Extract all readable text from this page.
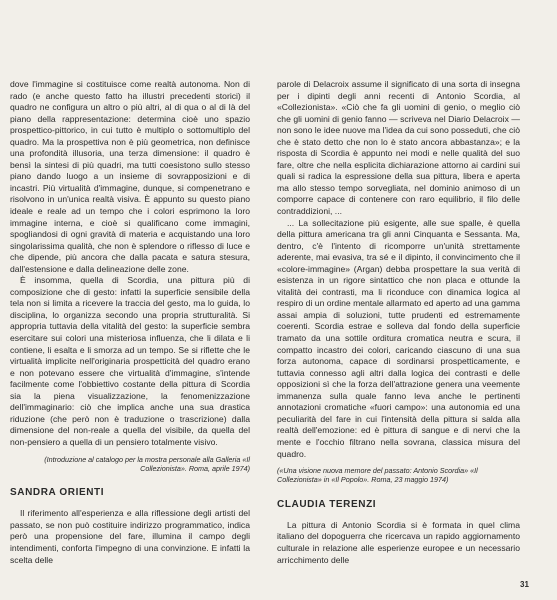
dove l'immagine si costituisce come realtà autonoma. Non di rado (e anche questo fatto ha illustri precedenti storici) il quadro ne configura un altro o più altri, al di qua o al di là del piano della rappresentazione: determina cioè uno spazio prospettico-pittorico, in cui tutto è multiplo o sottomultiplo del quadro. Ma la prospettiva non è più geometrica, non definisce una profondità illusoria, una terza dimensione: il quadro è bensì la sintesi di più quadri, ma tutti coesistono sullo stesso piano dando luogo a un insieme di sovrapposizioni e di incastri. Più virtualità d'immagine, dunque, si compenetrano e risolvono in un'unica realtà visiva. È appunto su questo piano ideale e reale ad un tempo che i colori esprimono la loro immagine interna, e cioè si qualificano come immagini, spogliandosi di ogni gravità di materia e acquistando una loro singolarissima qualità, che non è splendore o riflesso di luce e che dipende, più ancora che dalla pacata e satura stesura, dall'estensione e dalla delineazione delle zone.

È insomma, quella di Scordia, una pittura più di composizione che di gesto: infatti la superficie sensibile della tela non si limita a ricevere la traccia del gesto, ma lo guida, lo disciplina, lo organizza secondo una propria strutturalità. Si appropria tuttavia della vitalità del gesto: la superficie sembra esercitare sui colori una misteriosa influenza, che li dilata e li contiene, li esalta e li smorza ad un tempo. Se si riflette che le virtualità implicite nell'originaria prospetticità del quadro erano e non potevano essere che virtualità d'immagine, s'intende facilmente come l'obbiettivo costante della pittura di Scordia sia la piena visualizzazione, la fenomenizzazione dell'immaginario: ciò che implica anche una sua drastica riduzione (che però non è traduzione o trascrizione) dalla dimensione del non-reale a quella del visibile, da quella del non-pensiero a quella di un pensiero totalmente visivo.

(Introduzione al catalogo per la mostra personale alla Galleria «Il Collezionista». Roma, aprile 1974)

SANDRA ORIENTI

Il riferimento all'esperienza e alla riflessione degli artisti del passato, se non può costituire indirizzo programmatico, indica però una propensione del fare, illumina il campo degli intendimenti, conforta l'impegno di una convinzione. E infatti la scelta delle

parole di Delacroix assume il significato di una sorta di insegna per i dipinti degli anni recenti di Antonio Scordia, al «Collezionista». «Ciò che fa gli uomini di genio, o meglio ciò che gli uomini di genio fanno — scriveva nel Diario Delacroix — non sono le idee nuove ma l'idea da cui sono posseduti, che ciò che è stato detto che non lo è stato ancora abbastanza»; e la risposta di Scordia è appunto nei modi e nelle qualità del suo fare, oltre che nella esplicita dichiarazione attorno ai cardini sui quali si radica la espressione della sua pittura, libera e aperta ma allo stesso tempo sorvegliata, nel dominio animoso di un comporre capace di contenere con raro equilibrio, il filo delle contraddizioni, ...

... La sollecitazione più esigente, alle sue spalle, è quella della pittura americana tra gli anni Cinquanta e Sessanta. Ma, dentro, c'è l'intento di ricomporre un'unità strettamente aderente, mai evasiva, tra sé e il dipinto, il convincimento che il «colore-immagine» (Argan) debba prospettare la sua verità di esistenza in un rigore sintattico che non placa e ottunde la vitalità dei contrasti, ma li riconduce con dinamica logica al respiro di un ordine mentale allarmato ed aperto ad una gamma assai ampia di soluzioni, tutte prudenti ed estremamente coerenti. Scordia estrae e solleva dal fondo della superficie tramato da una sottile orditura cromatica neutra e scura, il compatto incastro dei colori, caricando ciascuno di una sua forza autonoma, capace di sordinarsi prospetticamente, e tuttavia connesso agli altri dalla logica dei contrasti e delle opposizioni sì che la forza dell'attrazione genera una veemente immanenza sulla quale fanno leva anche le pertinenti annotazioni cromatiche «fuori campo»: una autonomia ed una peculiarità del fare in cui l'intensità della pittura si salda alla realtà dell'emozione: ed è pittura di sangue e di nervi che la mente e l'occhio filtrano nella sovrana, classica misura del quadro.

(«Una visione nuova memore del passato: Antonio Scordia» «Il Collezionista» in «Il Popolo». Roma, 23 maggio 1974)

CLAUDIA TERENZI

La pittura di Antonio Scordia si è formata in quel clima italiano del dopoguerra che ricercava un rapido aggiornamento culturale in relazione alle esperienze europee e un necessario arricchimento delle

31
